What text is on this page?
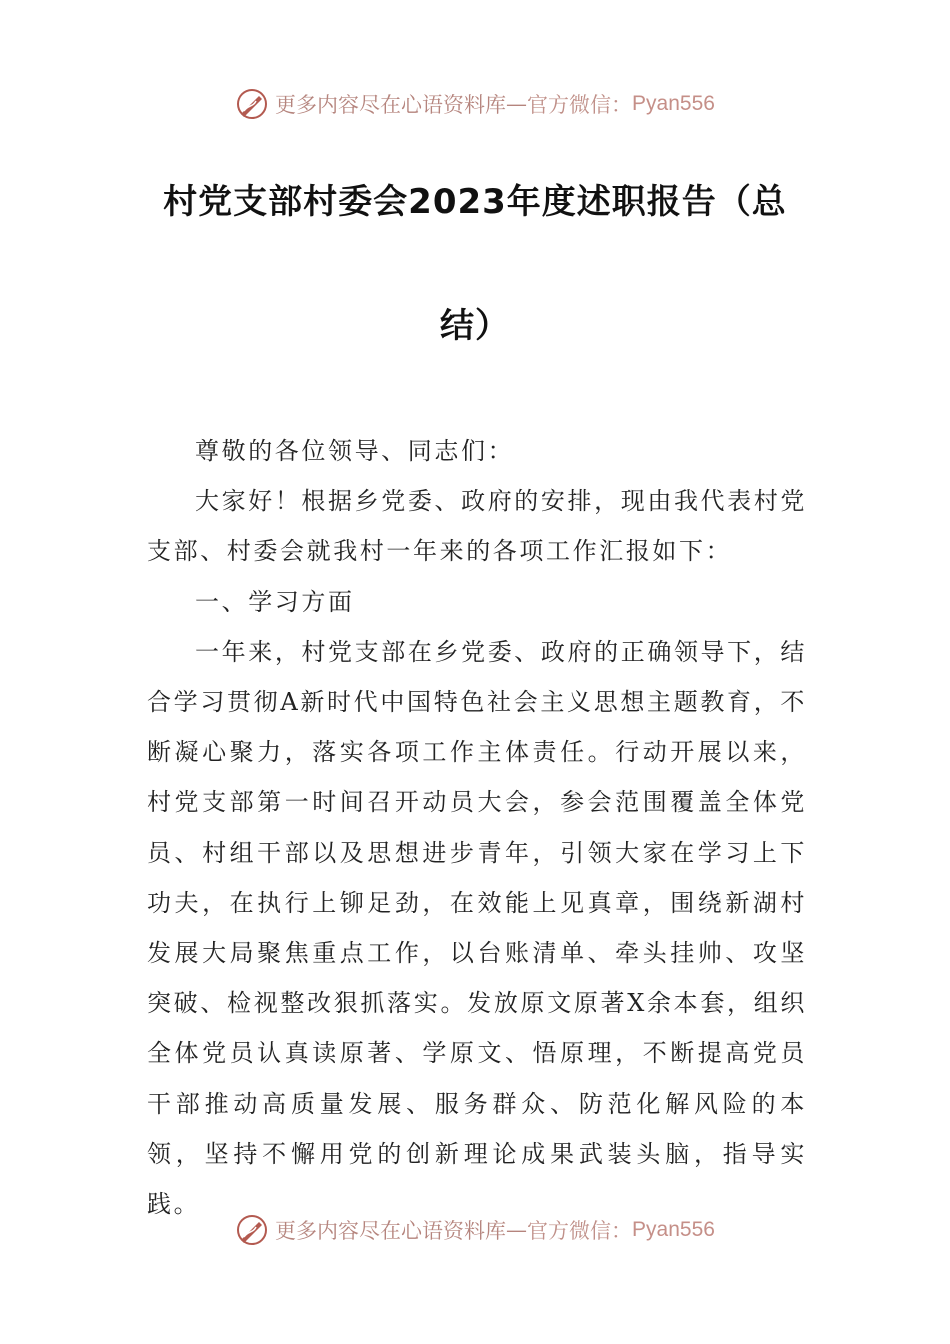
更多内容尽在心语资料库 — 官方微信： Pyan556
村党支部村委会2023年度述职报告（总
结）

尊敬的各位领导、同志们：

大家好！根据乡党委、政府的安排，现由我代表村党支部、村委会就我村一年来的各项工作汇报如下：

一、学习方面

一年来，村党支部在乡党委、政府的正确领导下，结合学习贯彻A新时代中国特色社会主义思想主题教育，不断凝心聚力，落实各项工作主体责任。行动开展以来，村党支部第一时间召开动员大会，参会范围覆盖全体党员、村组干部以及思想进步青年，引领大家在学习上下功夫，在执行上铆足劲，在效能上见真章，围绕新湖村发展大局聚焦重点工作，以台账清单、牵头挂帅、攻坚突破、检视整改狠抓落实。发放原文原著X余本套，组织全体党员认真读原著、学原文、悟原理，不断提高党员干部推动高质量发展、服务群众、防范化解风险的本领，坚持不懈用党的创新理论成果武装头脑，指导实践。

更多内容尽在心语资料库 — 官方微信： Pyan556
